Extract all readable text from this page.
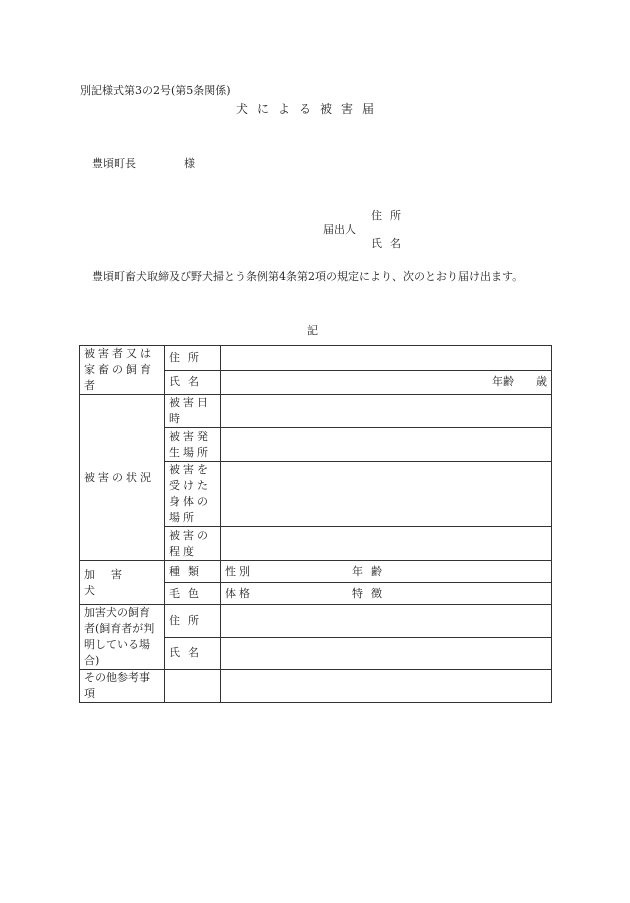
別記様式第3の2号(第5条関係)
犬による被害届
豊頃町長	様
住所
届出人
氏名
豊頃町畜犬取締及び野犬掃とう条例第4条第2項の規定により、次のとおり届け出ます。
記
被害者又は家畜の飼育者	住所	
	氏名	年齢 歳

被害の状況	被害日時	
	被害発生場所	
	被害を受けた身体の場所	
	被害の程度	
加害犬	種類	性別 年齢

	毛色	体格 特徴

加害犬の飼育者(飼育者が判明している場合)	住所	
	氏名	
その他参考事項		
